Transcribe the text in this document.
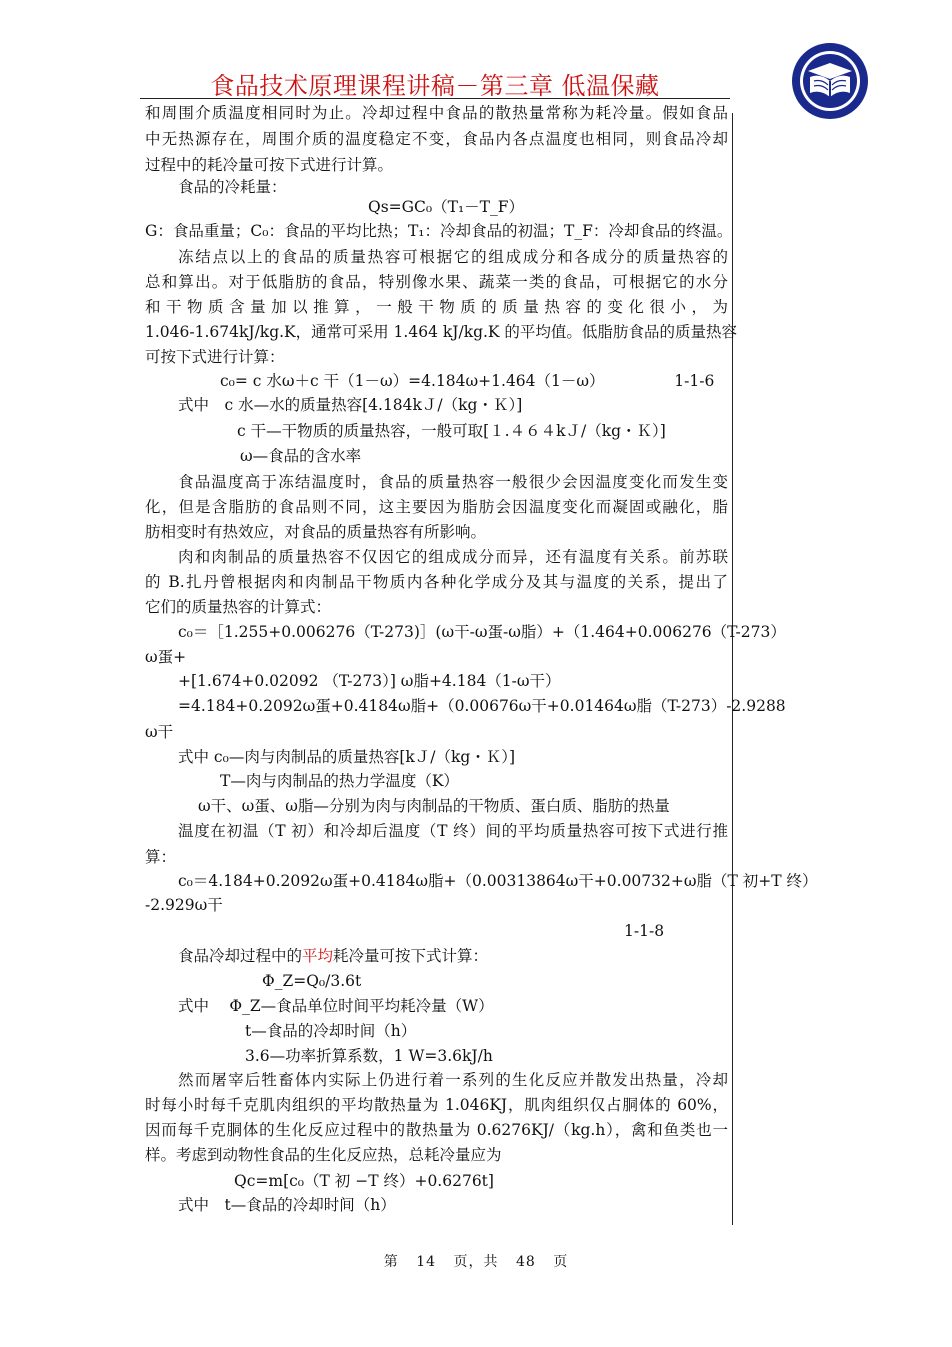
食品技术原理课程讲稿－第三章 低温保藏
和周围介质温度相同时为止。冷却过程中食品的散热量常称为耗冷量。假如食品
中无热源存在，周围介质的温度稳定不变，食品内各点温度也相同，则食品冷却
过程中的耗冷量可按下式进行计算。
食品的冷耗量：
Qs=GC₀（T₁－T_F）
G：食品重量；C₀：食品的平均比热；T₁：冷却食品的初温；T_F：冷却食品的终温。
冻结点以上的食品的质量热容可根据它的组成成分和各成分的质量热容的
总和算出。对于低脂肪的食品，特别像水果、蔬菜一类的食品，可根据它的水分
和干物质含量加以推算，一般干物质的质量热容的变化很小，为
1.046-1.674kJ/kg.K，通常可采用 1.464 kJ/kg.K 的平均值。低脂肪食品的质量热容
可按下式进行计算：
c₀= c 水ω＋c 干（1－ω）=4.184ω+1.464（1－ω）　　　　　1-1-6
式中　c 水—水的质量热容[4.184kＪ/（kg・Ｋ）]
c 干—干物质的质量热容，一般可取[１.４６４kＪ/（kg・Ｋ）]
ω—食品的含水率
食品温度高于冻结温度时，食品的质量热容一般很少会因温度变化而发生变
化，但是含脂肪的食品则不同，这主要因为脂肪会因温度变化而凝固或融化，脂
肪相变时有热效应，对食品的质量热容有所影响。
肉和肉制品的质量热容不仅因它的组成成分而异，还有温度有关系。前苏联
的 B.扎丹曾根据肉和肉制品干物质内各种化学成分及其与温度的关系，提出了
它们的质量热容的计算式：
c₀＝［1.255+0.006276（T-273)］(ω干-ω蛋-ω脂）+（1.464+0.006276（T-273）
ω蛋+
+[1.674+0.02092 （T-273）] ω脂+4.184（1-ω干）
=4.184+0.2092ω蛋+0.4184ω脂+（0.00676ω干+0.01464ω脂（T-273）-2.9288
ω干
式中 c₀—肉与肉制品的质量热容[kＪ/（kg・Ｋ）]
T—肉与肉制品的热力学温度（K）
ω干、ω蛋、ω脂—分别为肉与肉制品的干物质、蛋白质、脂肪的热量
温度在初温（T 初）和冷却后温度（T 终）间的平均质量热容可按下式进行推
算：
c₀＝4.184+0.2092ω蛋+0.4184ω脂+（0.00313864ω干+0.00732+ω脂（T 初+T 终）
-2.929ω干
1-1-8
食品冷却过程中的平均耗冷量可按下式计算：
Φ_Z=Q₀/3.6t
式中　 Φ_Z—食品单位时间平均耗冷量（W）
t—食品的冷却时间（h）
3.6—功率折算系数，1 W=3.6kJ/h
然而屠宰后牲畜体内实际上仍进行着一系列的生化反应并散发出热量，冷却
时每小时每千克肌肉组织的平均散热量为 1.046KJ，肌肉组织仅占胴体的 60%，
因而每千克胴体的生化反应过程中的散热量为 0.6276KJ/（kg.h），禽和鱼类也一
样。考虑到动物性食品的生化反应热，总耗冷量应为
Qc=m[c₀（T 初 −T 终）+0.6276t]
式中　t—食品的冷却时间（h）
第 14 页，共 48 页
